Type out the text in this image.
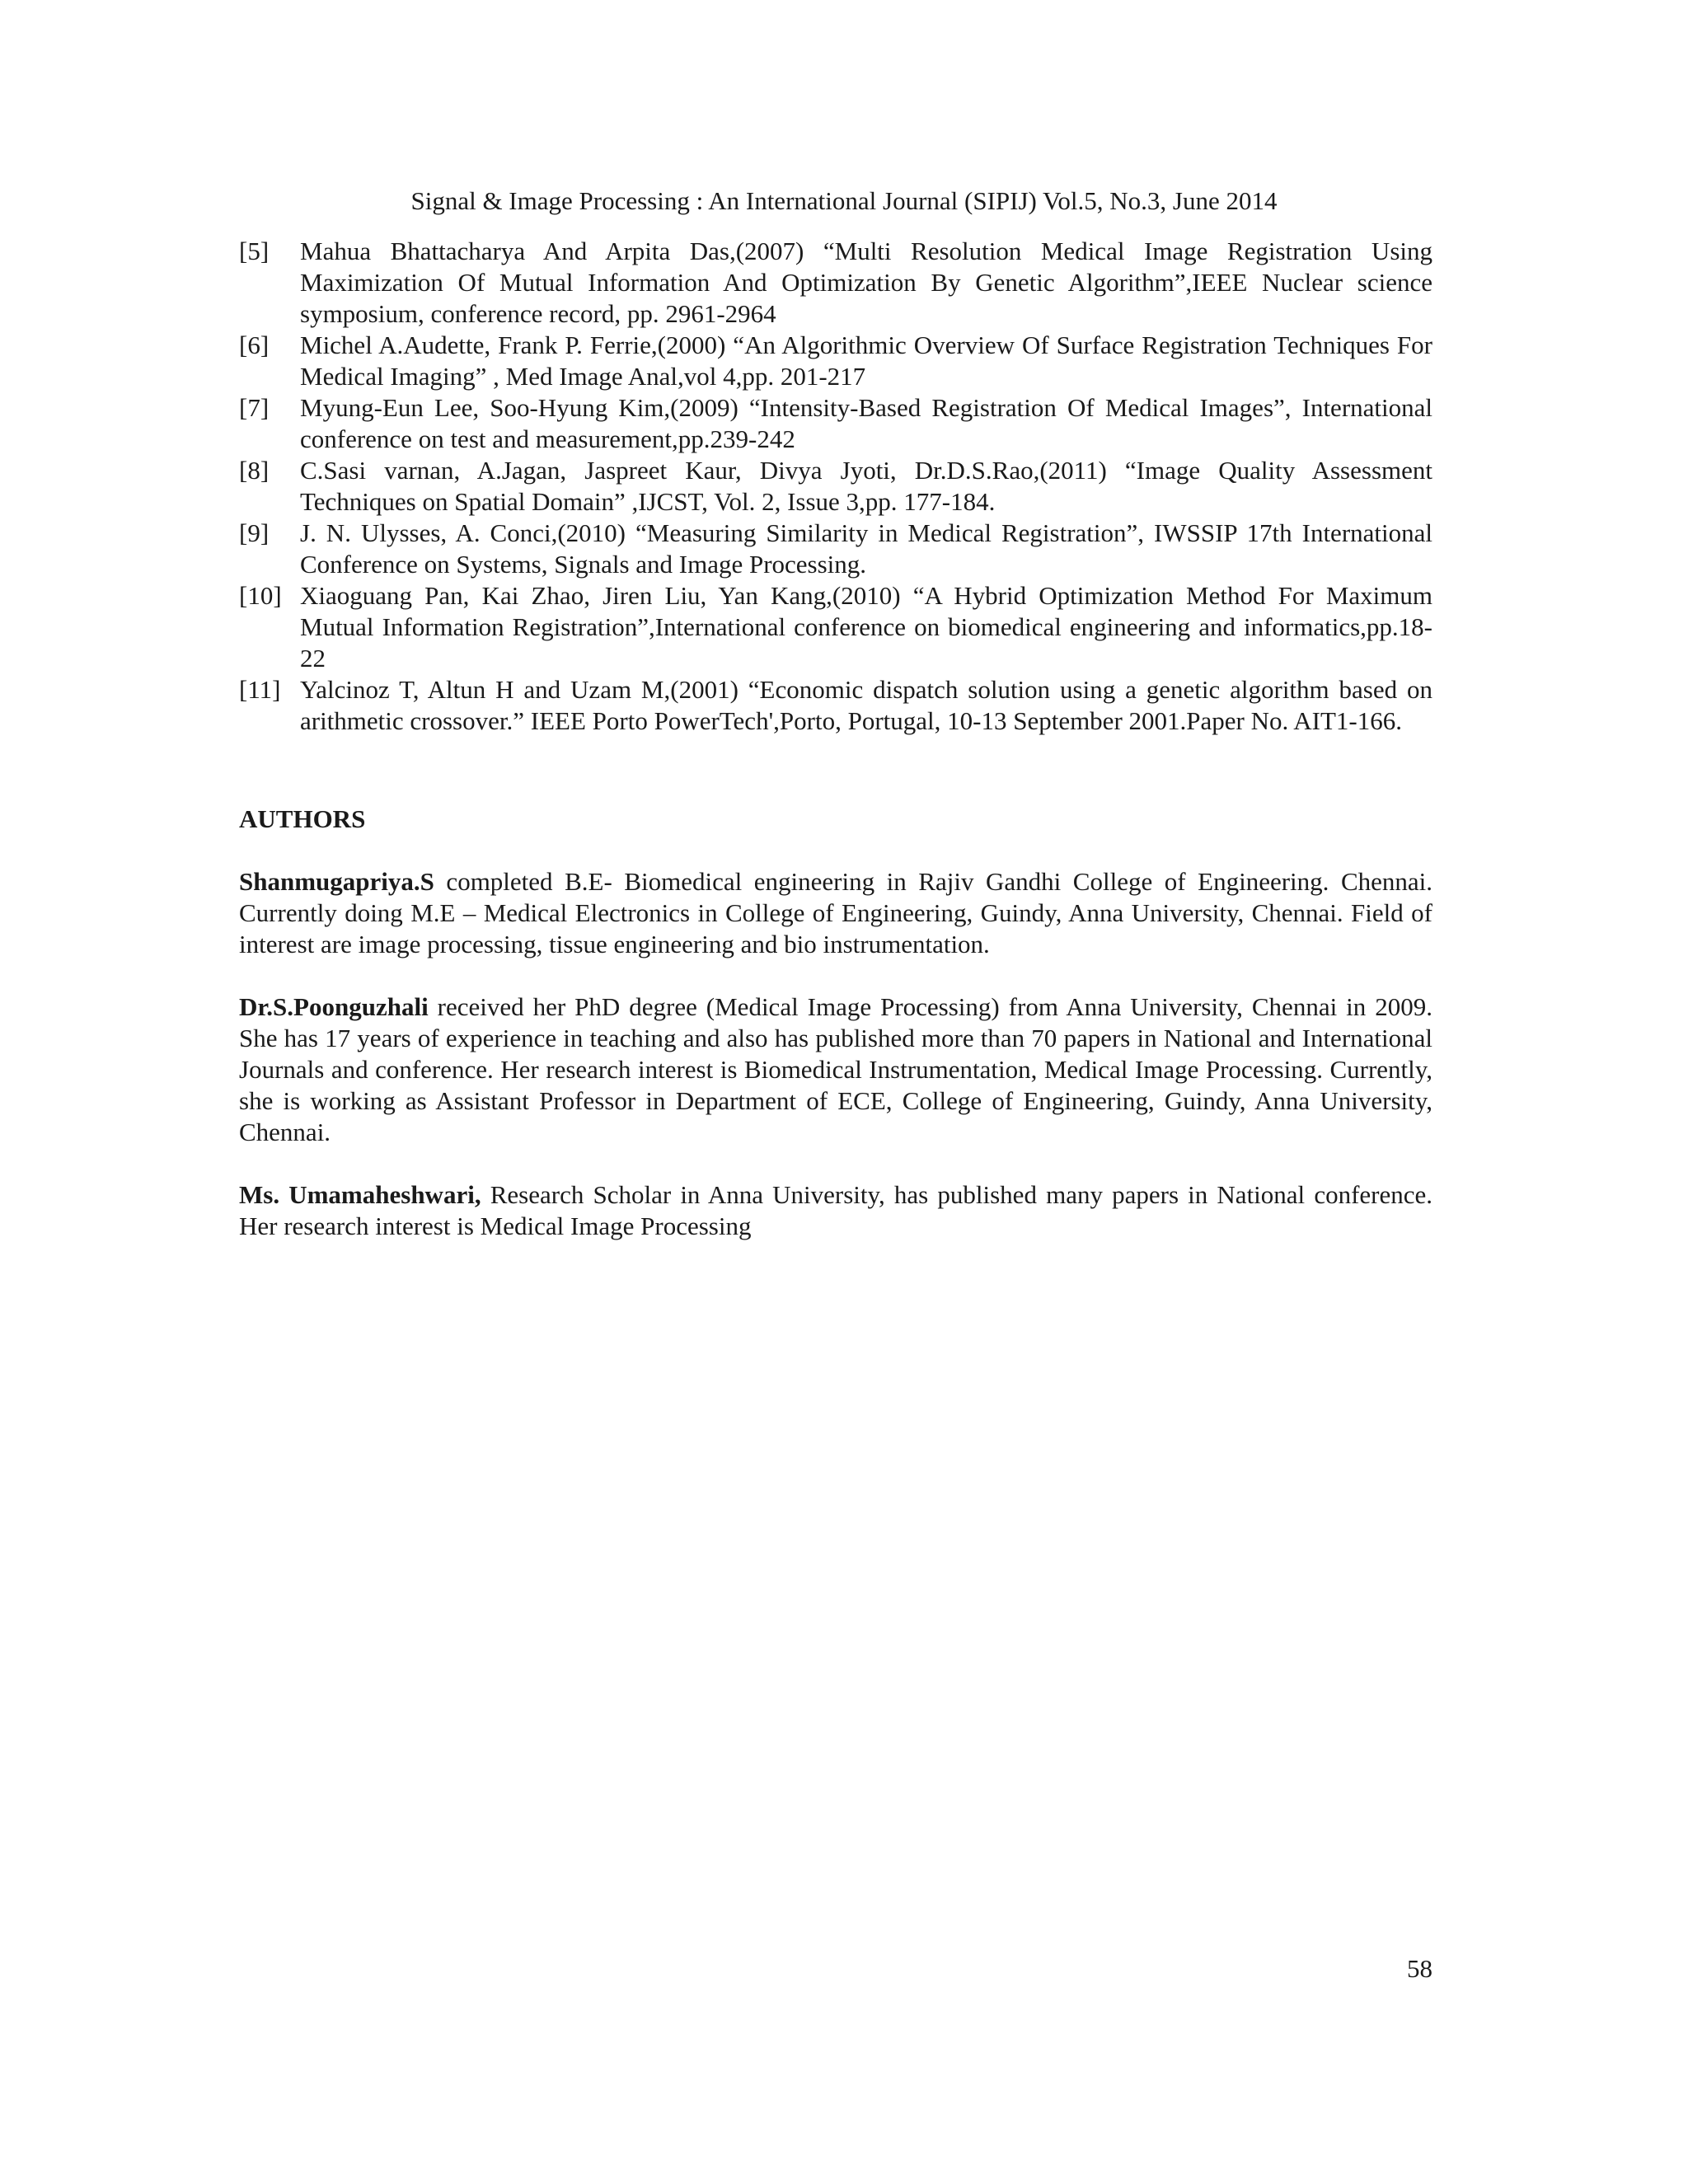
Signal & Image Processing : An International Journal (SIPIJ) Vol.5, No.3, June 2014
[5]	Mahua Bhattacharya And Arpita Das,(2007) “Multi Resolution Medical Image Registration Using Maximization Of Mutual Information And Optimization By Genetic Algorithm”,IEEE Nuclear science symposium, conference record, pp. 2961-2964
[6]	Michel A.Audette, Frank P. Ferrie,(2000) “An Algorithmic Overview Of Surface Registration Techniques For Medical Imaging” , Med Image Anal,vol 4,pp. 201-217
[7]	Myung-Eun Lee, Soo-Hyung Kim,(2009) “Intensity-Based Registration Of Medical Images”, International conference on test and measurement,pp.239-242
[8]	C.Sasi varnan, A.Jagan, Jaspreet Kaur, Divya Jyoti, Dr.D.S.Rao,(2011) “Image Quality Assessment Techniques on Spatial Domain” ,IJCST, Vol. 2, Issue 3,pp. 177-184.
[9]	J. N. Ulysses, A. Conci,(2010) “Measuring Similarity in Medical Registration”, IWSSIP 17th International Conference on Systems, Signals and Image Processing.
[10] Xiaoguang Pan, Kai Zhao, Jiren Liu, Yan Kang,(2010) “A Hybrid Optimization Method For Maximum Mutual Information Registration”,International conference on biomedical engineering and informatics,pp.18-22
[11] Yalcinoz T, Altun H and Uzam M,(2001) “Economic dispatch solution using a genetic algorithm based on arithmetic crossover.” IEEE Porto PowerTech',Porto, Portugal, 10-13 September 2001.Paper No. AIT1-166.
AUTHORS

Shanmugapriya.S completed B.E- Biomedical engineering in Rajiv Gandhi College of Engineering. Chennai. Currently doing M.E – Medical Electronics in College of Engineering, Guindy, Anna University, Chennai. Field of interest are image processing, tissue engineering and bio instrumentation.

Dr.S.Poonguzhali received her PhD degree (Medical Image Processing) from Anna University, Chennai in 2009. She has 17 years of experience in teaching and also has published more than 70 papers in National and International Journals and conference. Her research interest is Biomedical Instrumentation, Medical Image Processing. Currently, she is working as Assistant Professor in Department of ECE, College of Engineering, Guindy, Anna University, Chennai.

Ms. Umamaheshwari, Research Scholar in Anna University, has published many papers in National conference. Her research interest is Medical Image Processing

58
